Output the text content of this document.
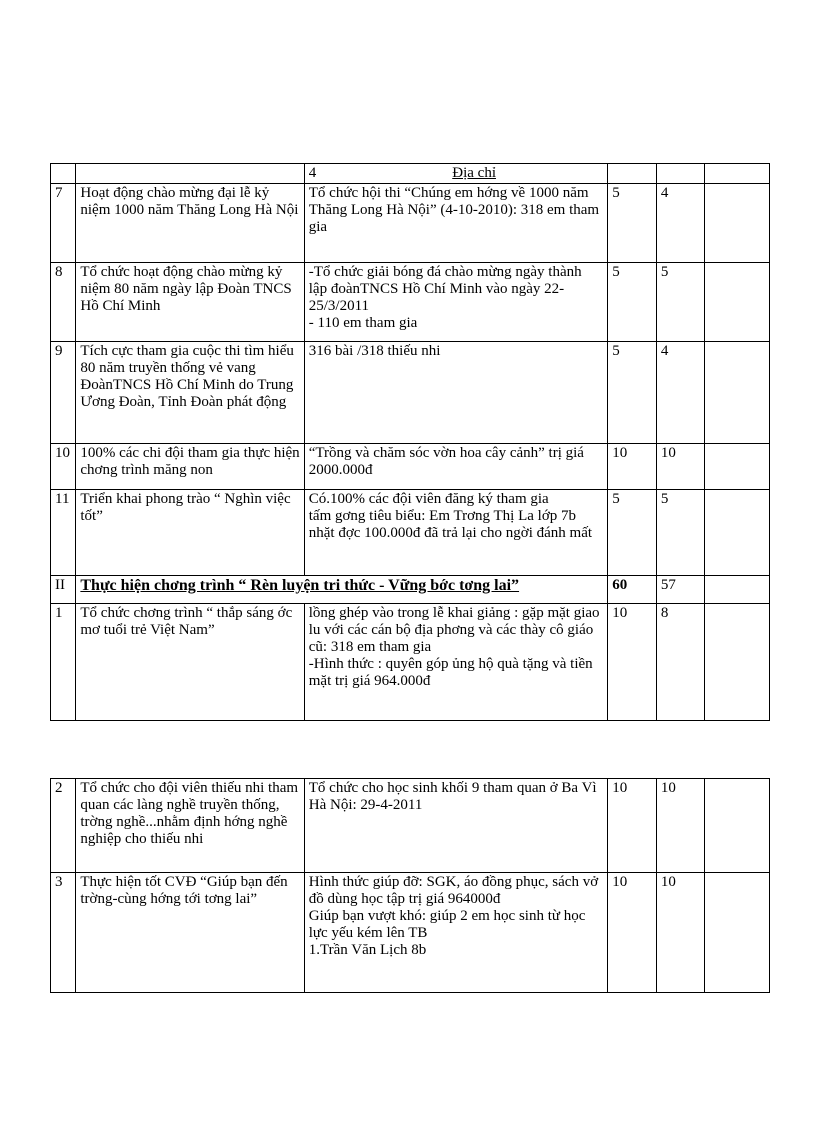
		4 Địa chỉ			
7	Hoạt động chào mừng đại lễ kỷ niệm 1000 năm Thăng Long Hà Nội	Tổ chức hội thi “Chúng em hớng về 1000 năm Thăng Long Hà Nội” (4-10-2010): 318 em tham gia	5	4	
8	Tổ chức hoạt động chào mừng kỷ niệm 80 năm ngày lập Đoàn TNCS Hồ Chí Minh	-Tổ chức giải bóng đá chào mừng ngày thành lập đoànTNCS Hồ Chí Minh vào ngày 22-25/3/2011
- 110 em tham gia	5	5	
9	Tích cực tham gia cuộc thi tìm hiểu 80 năm truyền thống vẻ vang ĐoànTNCS Hồ Chí Minh do Trung Ương Đoàn, Tỉnh Đoàn phát động	316 bài /318 thiếu nhi	5	4	
10	100% các chi đội tham gia thực hiện chơng trình măng non	“Trồng và chăm sóc vờn hoa cây cảnh” trị giá 2000.000đ	10	10	
11	Triển khai phong trào “ Nghìn việc tốt”	Có.100% các đội viên đăng ký tham gia
tấm gơng tiêu biểu: Em Trơng Thị La lớp 7b nhặt đợc 100.000đ đã trả lại cho ngời đánh mất	5	5	
II	Thực hiện chơng trình “ Rèn luyện tri thức - Vững bớc tơng lai”		60	57	
1	Tổ chức chơng trình “ thắp sáng ớc mơ tuổi trẻ Việt Nam”	lồng ghép vào trong lễ khai giảng : gặp mặt giao lu với các cán bộ địa phơng và các thày cô giáo cũ: 318 em tham gia
-Hình thức : quyên góp ủng hộ quà tặng và tiền mặt trị giá 964.000đ	10	8	
2	Tổ chức cho đội viên thiếu nhi tham quan các làng nghề truyền thống, trờng nghề...nhằm định hớng nghề nghiệp cho thiếu nhi	Tổ chức cho học sinh khối 9 tham quan ở Ba Vì Hà Nội: 29-4-2011	10	10	
3	Thực hiện tốt CVĐ “Giúp bạn đến trờng-cùng hớng tới tơng lai”	Hình thức giúp đỡ: SGK, áo đồng phục, sách vở đồ dùng học tập trị giá 964000đ
Giúp bạn vượt khó: giúp 2 em học sinh từ học lực yếu kém lên TB
1.Trần Văn Lịch 8b	10	10	
